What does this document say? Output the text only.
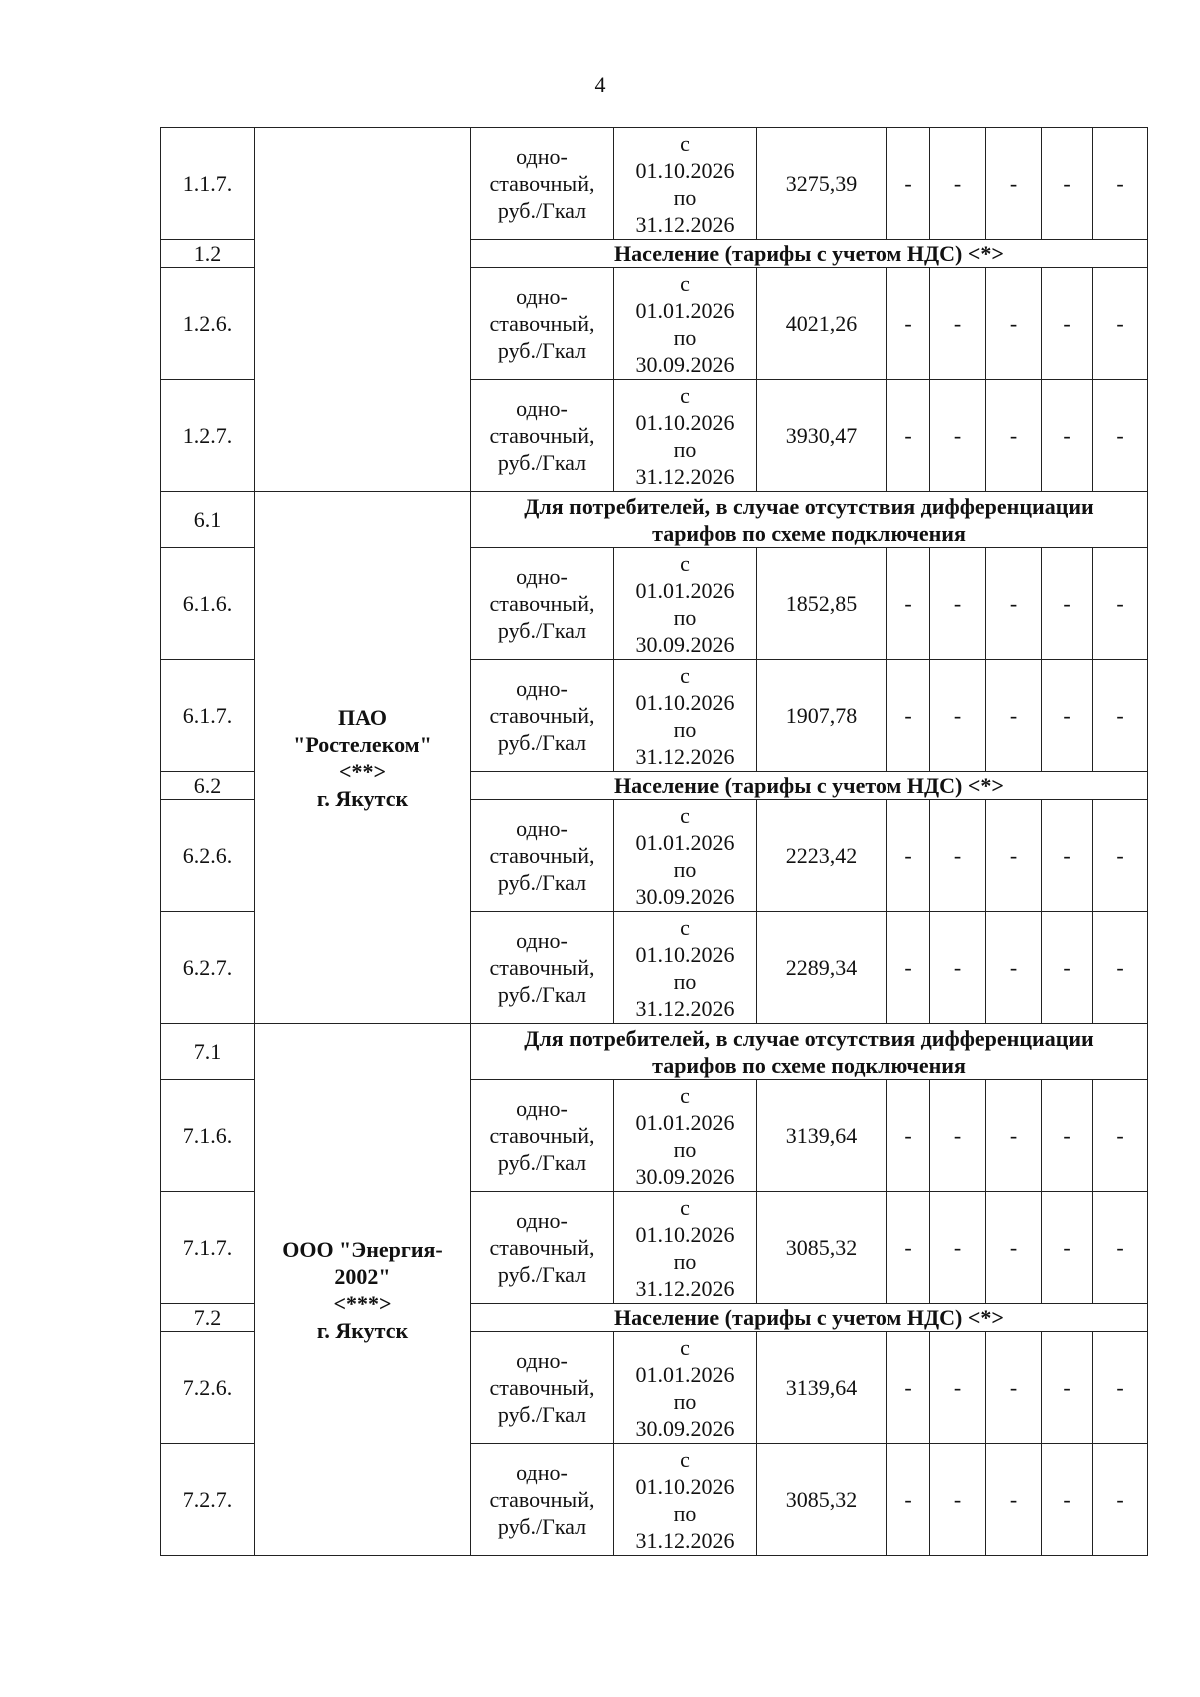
4
1.1.7.		одно-
ставочный,
руб./Гкал	с
01.10.2026
по
31.12.2026	3275,39	-	-	-	-	-
1.2		Население (тарифы с учетом НДС) <*>							
1.2.6.		одно-
ставочный,
руб./Гкал	с
01.01.2026
по
30.09.2026	4021,26	-	-	-	-	-
1.2.7.		одно-
ставочный,
руб./Гкал	с
01.10.2026
по
31.12.2026	3930,47	-	-	-	-	-
6.1	ПАО
"Ростелеком"
<**>
г. Якутск	Для потребителей, в случае отсутствия дифференциации
тарифов по схеме подключения							

6.1.6.		одно-
ставочный,
руб./Гкал	с
01.01.2026
по
30.09.2026	1852,85	-	-	-	-	-
6.1.7.		одно-
ставочный,
руб./Гкал	с
01.10.2026
по
31.12.2026	1907,78	-	-	-	-	-
6.2		Население (тарифы с учетом НДС) <*>							
6.2.6.		одно-
ставочный,
руб./Гкал	с
01.01.2026
по
30.09.2026	2223,42	-	-	-	-	-
6.2.7.		одно-
ставочный,
руб./Гкал	с
01.10.2026
по
31.12.2026	2289,34	-	-	-	-	-
7.1	ООО "Энергия-
2002"
<***>
г. Якутск	Для потребителей, в случае отсутствия дифференциации
тарифов по схеме подключения							

7.1.6.		одно-
ставочный,
руб./Гкал	с
01.01.2026
по
30.09.2026	3139,64	-	-	-	-	-
7.1.7.		одно-
ставочный,
руб./Гкал	с
01.10.2026
по
31.12.2026	3085,32	-	-	-	-	-
7.2		Население (тарифы с учетом НДС) <*>							
7.2.6.		одно-
ставочный,
руб./Гкал	с
01.01.2026
по
30.09.2026	3139,64	-	-	-	-	-
7.2.7.		одно-
ставочный,
руб./Гкал	с
01.10.2026
по
31.12.2026	3085,32	-	-	-	-	-
